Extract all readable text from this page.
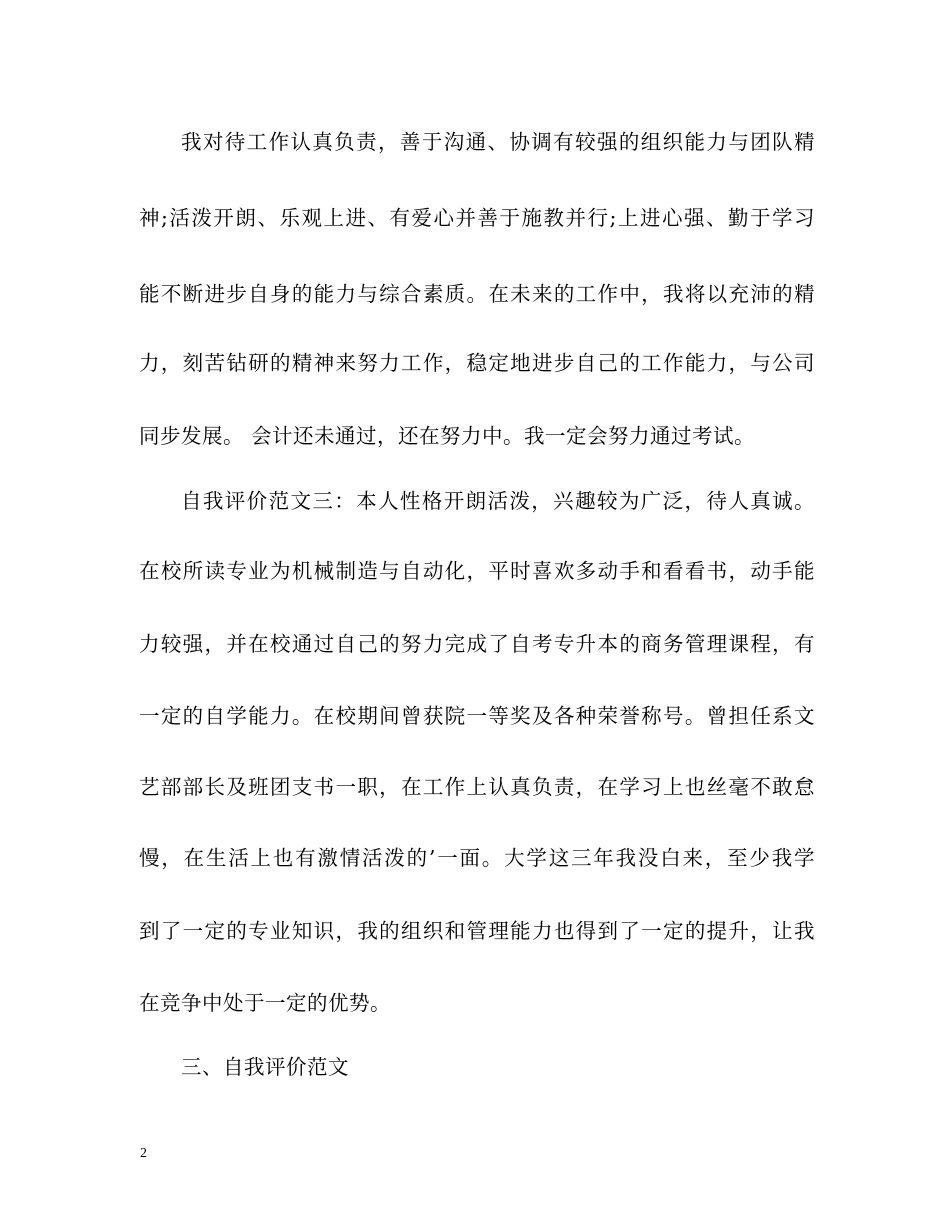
我对待工作认真负责，善于沟通、协调有较强的组织能力与团队精
神;活泼开朗、乐观上进、有爱心并善于施教并行;上进心强、勤于学习
能不断进步自身的能力与综合素质。在未来的工作中，我将以充沛的精
力，刻苦钻研的精神来努力工作，稳定地进步自己的工作能力，与公司
同步发展。 会计还未通过，还在努力中。我一定会努力通过考试。
自我评价范文三：本人性格开朗活泼，兴趣较为广泛，待人真诚。
在校所读专业为机械制造与自动化，平时喜欢多动手和看看书，动手能
力较强，并在校通过自己的努力完成了自考专升本的商务管理课程，有
一定的自学能力。在校期间曾获院一等奖及各种荣誉称号。曾担任系文
艺部部长及班团支书一职，在工作上认真负责，在学习上也丝毫不敢怠
慢，在生活上也有激情活泼的’一面。大学这三年我没白来，至少我学
到了一定的专业知识，我的组织和管理能力也得到了一定的提升，让我
在竞争中处于一定的优势。
三、自我评价范文
2
